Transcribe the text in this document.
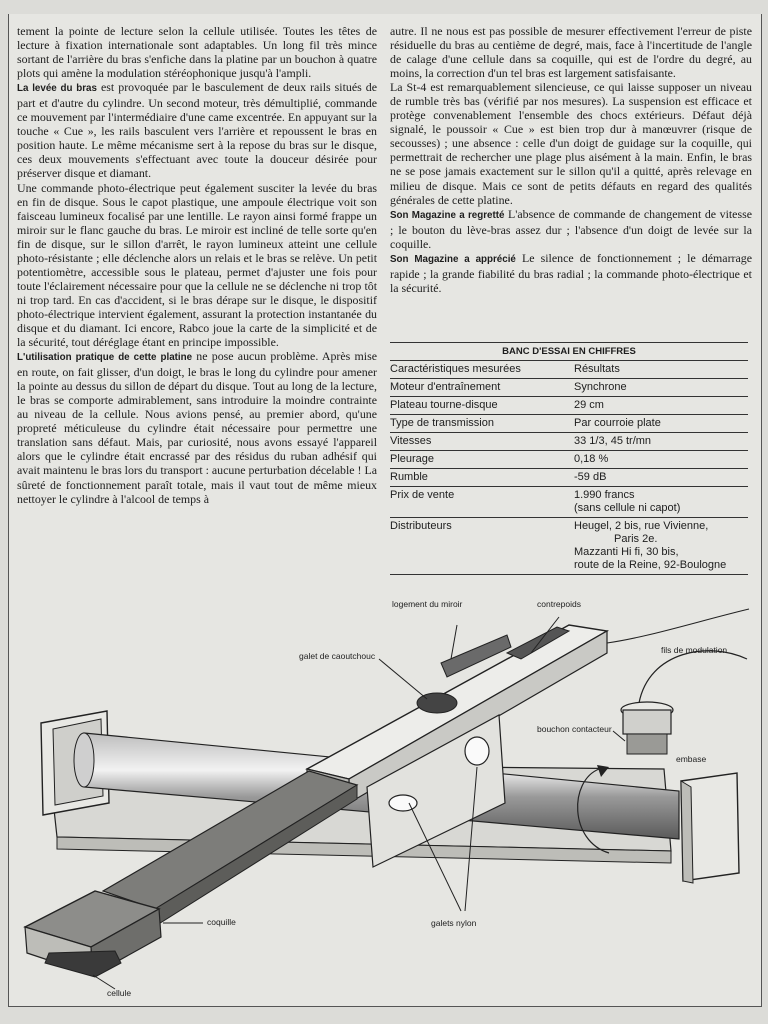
tement la pointe de lecture selon la cellule utilisée. Toutes les têtes de lecture à fixation internationale sont adaptables. Un long fil très mince sortant de l'arrière du bras s'enfiche dans la platine par un bouchon à quatre plots qui amène la modulation stéréophonique jusqu'à l'ampli.

La levée du bras est provoquée par le basculement de deux rails situés de part et d'autre du cylindre. Un second moteur, très démultiplié, commande ce mouvement par l'intermédiaire d'une came excentrée. En appuyant sur la touche « Cue », les rails basculent vers l'arrière et repoussent le bras en position haute. Le même mécanisme sert à la repose du bras sur le disque, ces deux mouvements s'effectuant avec toute la douceur désirée pour préserver disque et diamant.

Une commande photo-électrique peut également susciter la levée du bras en fin de disque. Sous le capot plastique, une ampoule électrique voit son faisceau lumineux focalisé par une lentille. Le rayon ainsi formé frappe un miroir sur le flanc gauche du bras. Le miroir est incliné de telle sorte qu'en fin de disque, sur le sillon d'arrêt, le rayon lumineux atteint une cellule photo-résistante ; elle déclenche alors un relais et le bras se relève. Un petit potentiomètre, accessible sous le plateau, permet d'ajuster une fois pour toute l'éclairement nécessaire pour que la cellule ne se déclenche ni trop tôt ni trop tard. En cas d'accident, si le bras dérape sur le disque, le dispositif photo-électrique intervient également, assurant la protection instantanée du disque et du diamant. Ici encore, Rabco joue la carte de la simplicité et de la sécurité, tout déréglage étant en principe impossible.

L'utilisation pratique de cette platine ne pose aucun problème. Après mise en route, on fait glisser, d'un doigt, le bras le long du cylindre pour amener la pointe au dessus du sillon de départ du disque. Tout au long de la lecture, le bras se comporte admirablement, sans introduire la moindre contrainte au niveau de la cellule. Nous avions pensé, au premier abord, qu'une propreté méticuleuse du cylindre était nécessaire pour permettre une translation sans défaut. Mais, par curiosité, nous avons essayé l'appareil alors que le cylindre était encrassé par des résidus du ruban adhésif qui avait maintenu le bras lors du transport : aucune perturbation décelable ! La sûreté de fonctionnement paraît totale, mais il vaut tout de même mieux nettoyer le cylindre à l'alcool de temps à

autre. Il ne nous est pas possible de mesurer effectivement l'erreur de piste résiduelle du bras au centième de degré, mais, face à l'incertitude de l'angle de calage d'une cellule dans sa coquille, qui est de l'ordre du degré, au moins, la correction d'un tel bras est largement satisfaisante.

La St-4 est remarquablement silencieuse, ce qui laisse supposer un niveau de rumble très bas (vérifié par nos mesures). La suspension est efficace et protège convenablement l'ensemble des chocs extérieurs. Défaut déjà signalé, le poussoir « Cue » est bien trop dur à manœuvrer (risque de secousses) ; une absence : celle d'un doigt de guidage sur la coquille, qui permettrait de rechercher une plage plus aisément à la main. Enfin, le bras ne se pose jamais exactement sur le sillon qu'il a quitté, après relevage en milieu de disque. Mais ce sont de petits défauts en regard des qualités générales de cette platine.

Son Magazine a regretté L'absence de commande de changement de vitesse ; le bouton du lève-bras assez dur ; l'absence d'un doigt de levée sur la coquille.

Son Magazine a apprécié Le silence de fonctionnement ; le démarrage rapide ; la grande fiabilité du bras radial ; la commande photo-électrique et la sécurité.

BANC D'ESSAI EN CHIFFRES
Caractéristiques mesurées	Résultats
Moteur d'entraînement	Synchrone
Plateau tourne-disque	29 cm
Type de transmission	Par courroie plate
Vitesses	33 1/3, 45 tr/mn
Pleurage	0,18 %
Rumble	-59 dB
Prix de vente	1.990 francs
(sans cellule ni capot)

Distributeurs	Heugel, 2 bis, rue Vivienne,
Paris 2e.
Mazzanti Hi fi, 30 bis,
route de la Reine, 92-Boulogne
logement du miroir	contrepoids
galet de caoutchouc
fils de modulation
bouchon contacteur
embase
coquille	galets nylon
cellule
